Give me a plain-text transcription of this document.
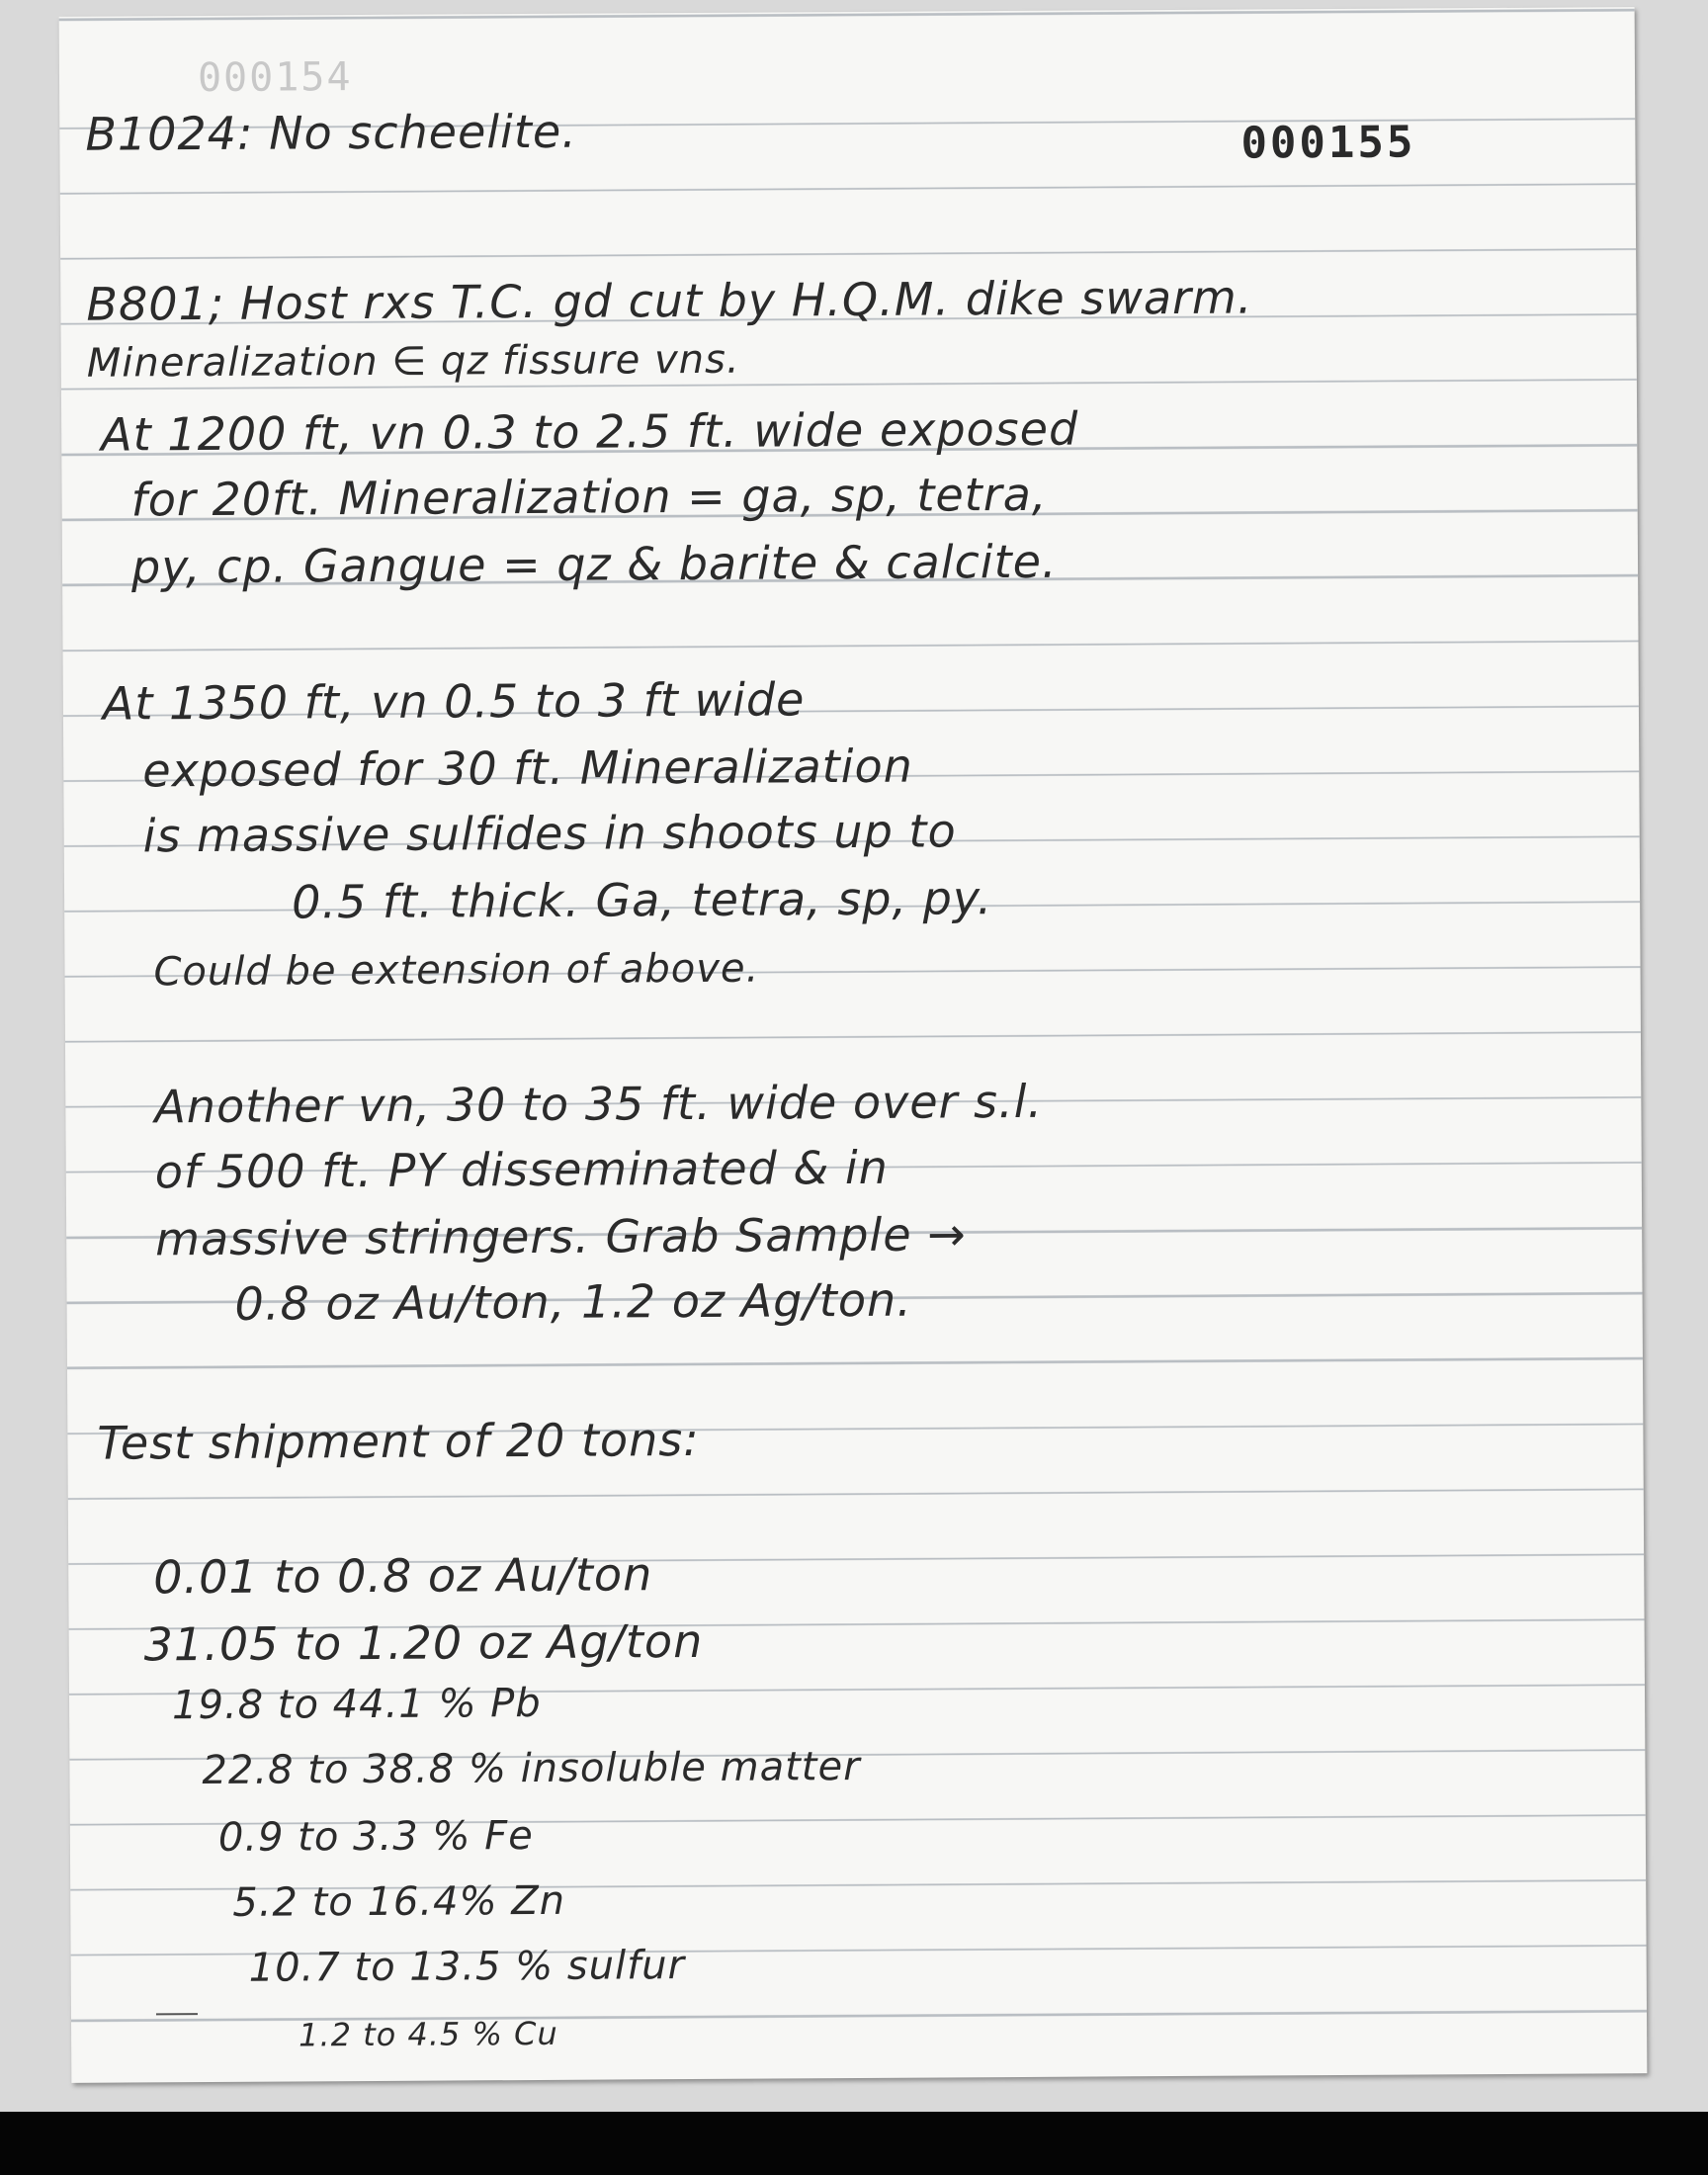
000154
000155
B1024: No scheelite.
B801; Host rxs T.C. gd cut by H.Q.M. dike swarm.
Mineralization ∈ qz fissure vns.
At 1200 ft, vn 0.3 to 2.5 ft. wide exposed
for 20ft. Mineralization = ga, sp, tetra,
py, cp. Gangue = qz & barite & calcite.
At 1350 ft, vn 0.5 to 3 ft wide
exposed for 30 ft. Mineralization
is massive sulfides in shoots up to
0.5 ft. thick. Ga, tetra, sp, py.
Could be extension of above.
Another vn, 30 to 35 ft. wide over s.l.
of 500 ft. PY disseminated & in
massive stringers. Grab Sample →
0.8 oz Au/ton, 1.2 oz Ag/ton.
Test shipment of 20 tons:
0.01 to 0.8 oz Au/ton
31.05 to 1.20 oz Ag/ton
19.8 to 44.1 % Pb
22.8 to 38.8 % insoluble matter
0.9 to 3.3 % Fe
5.2 to 16.4% Zn
10.7 to 13.5 % sulfur
1.2 to 4.5 % Cu
